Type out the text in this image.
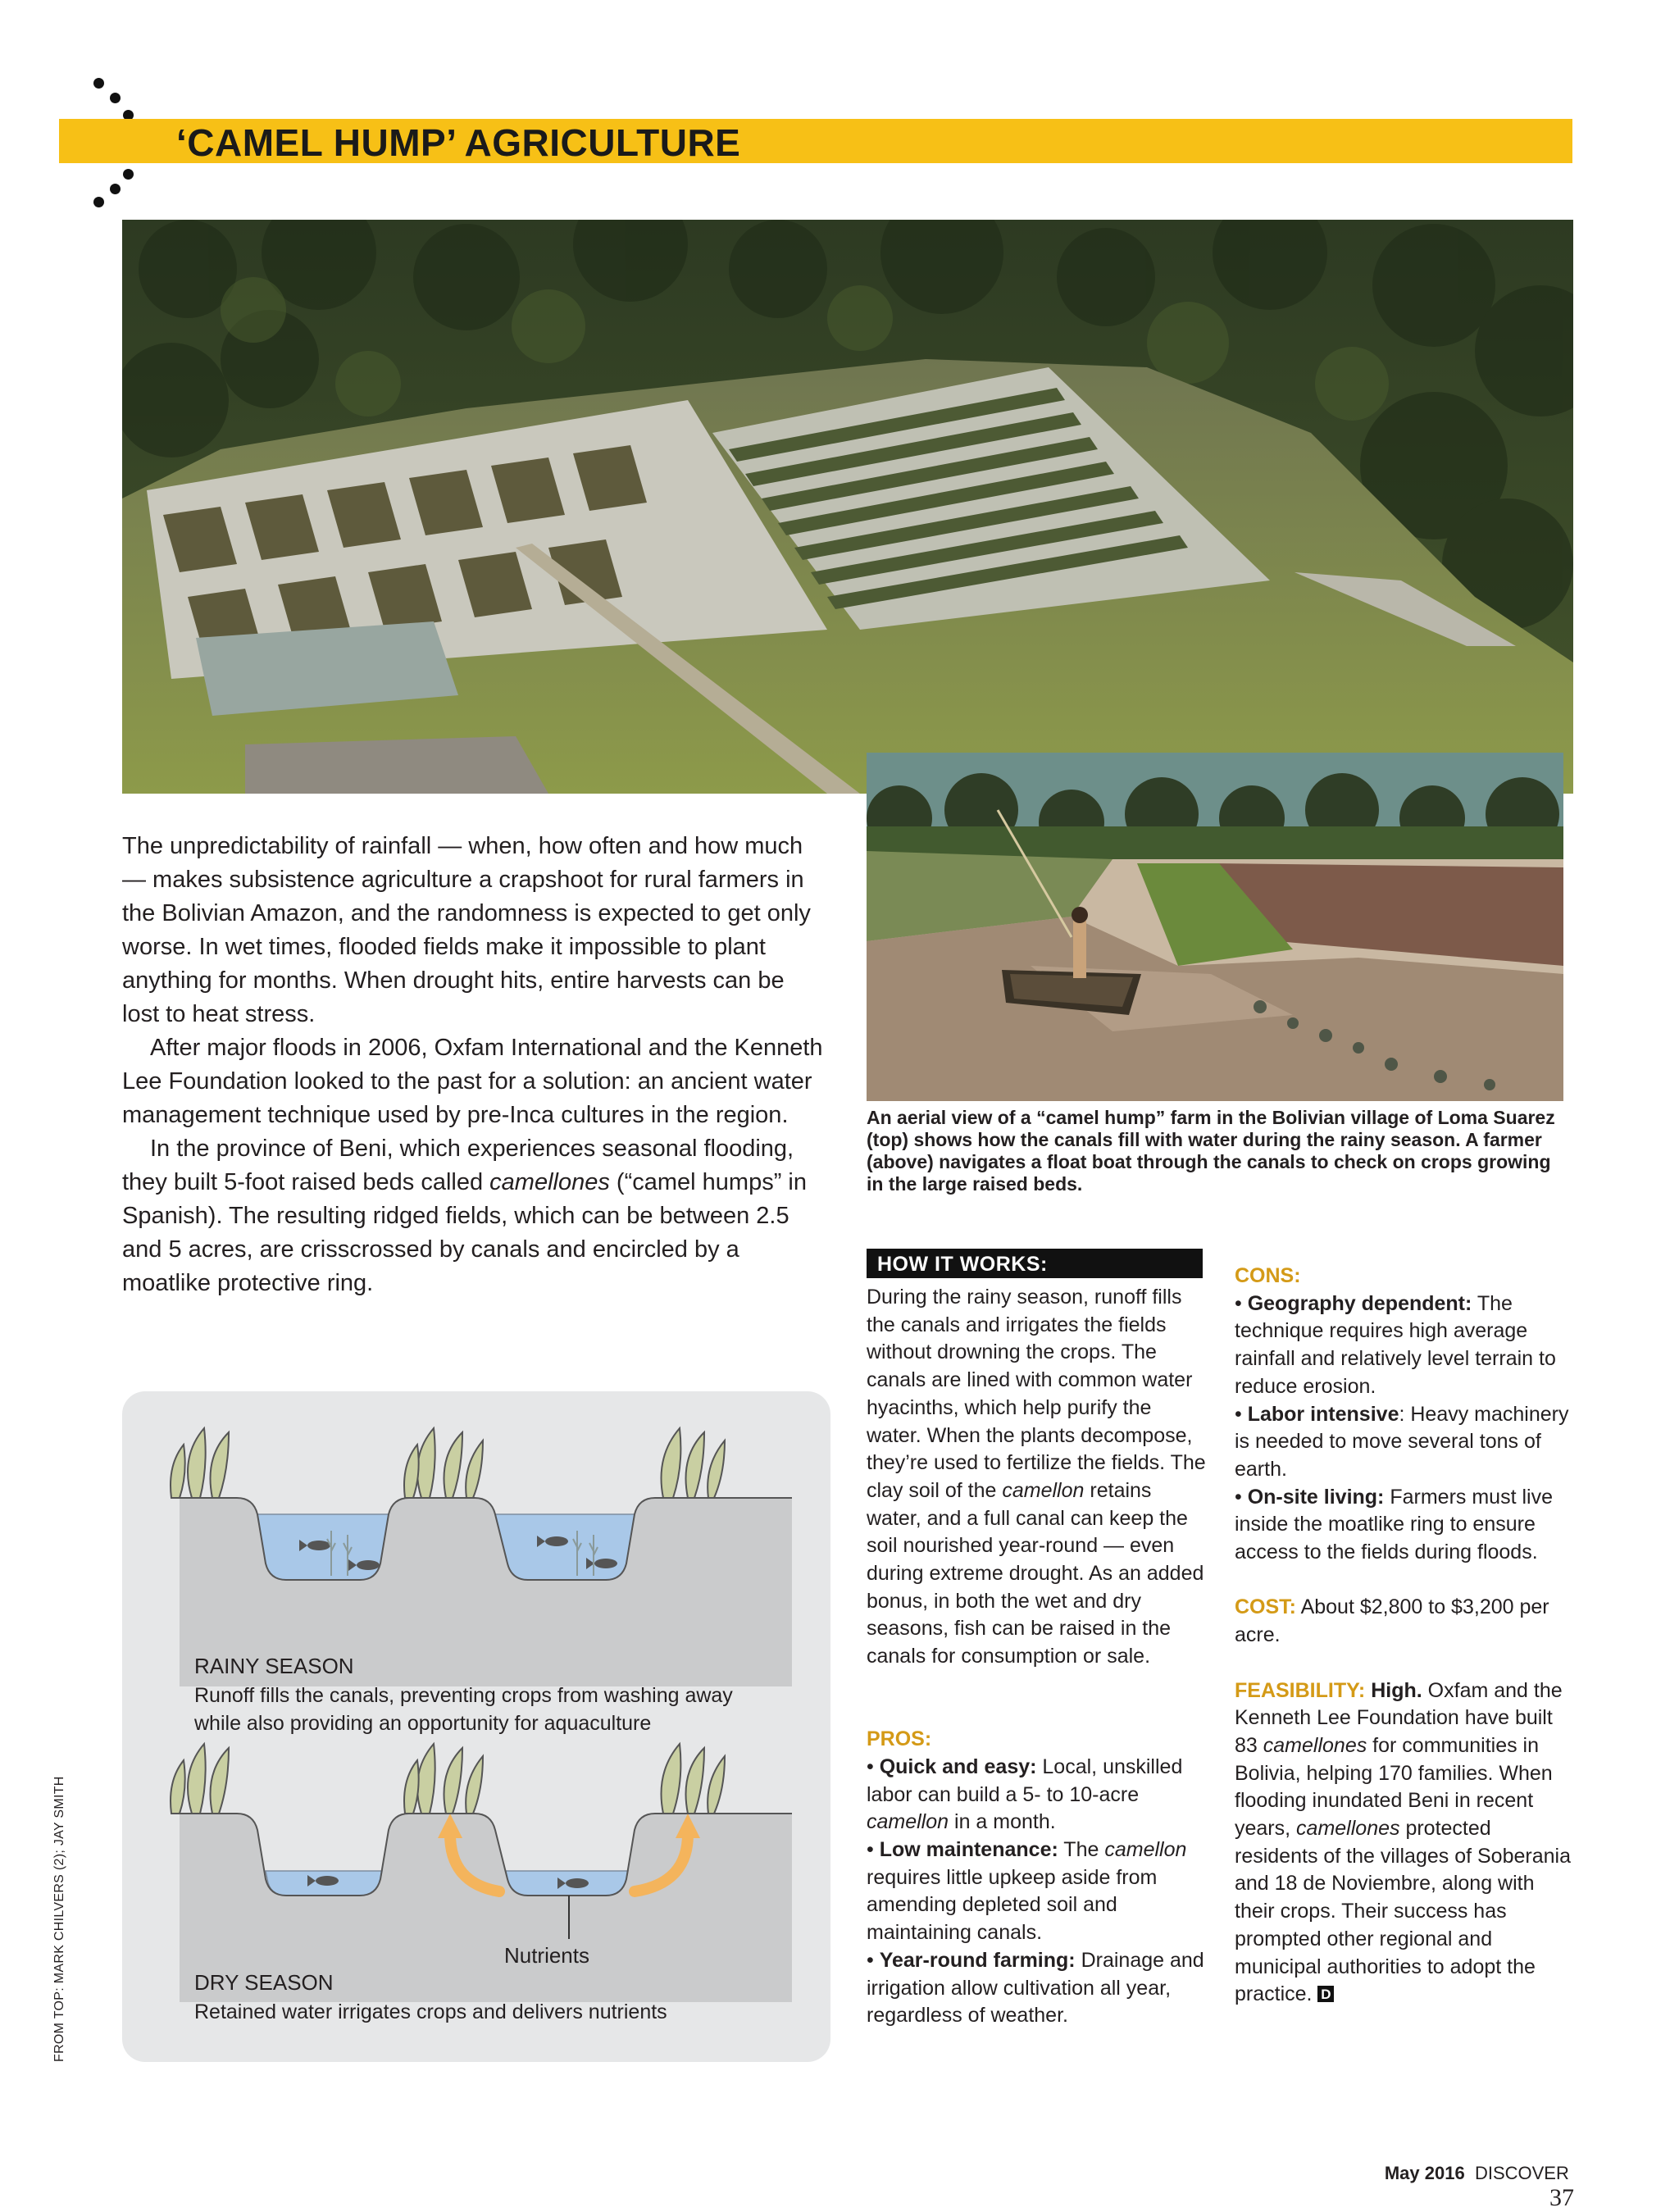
‘CAMEL HUMP’ AGRICULTURE
An aerial view of a “camel hump” farm in the Bolivian village of Loma Suarez (top) shows how the canals fill with water during the rainy season. A farmer (above) navigates a float boat through the canals to check on crops growing in the large raised beds.

The unpredictability of rainfall — when, how often and how much — makes subsistence agriculture a crapshoot for rural farmers in the Bolivian Amazon, and the randomness is expected to get only worse. In wet times, flooded fields make it impossible to plant anything for months. When drought hits, entire harvests can be lost to heat stress.

After major floods in 2006, Oxfam International and the Kenneth Lee Foundation looked to the past for a solution: an ancient water management technique used by pre-Inca cultures in the region.

In the province of Beni, which experiences seasonal flooding, they built 5-foot raised beds called camellones (“camel humps” in Spanish). The resulting ridged fields, which can be between 2.5 and 5 acres, are crisscrossed by canals and encircled by a moatlike protective ring.

RAINY SEASON
Runoff fills the canals, preventing crops from washing away
while also providing an opportunity for aquaculture
Nutrients
DRY SEASON
Retained water irrigates crops and delivers nutrients
FROM TOP: MARK CHILVERS (2); JAY SMITH
HOW IT WORKS:

During the rainy season, runoff fills the canals and irrigates the fields without drowning the crops. The canals are lined with common water hyacinths, which help purify the water. When the plants decompose, they’re used to fertilize the fields. The clay soil of the camellon retains water, and a full canal can keep the soil nourished year-round — even during extreme drought. As an added bonus, in both the wet and dry seasons, fish can be raised in the canals for consumption or sale.

PROS:

• Quick and easy: Local, unskilled labor can build a 5- to 10-acre camellon in a month.

• Low maintenance: The camellon requires little upkeep aside from amending depleted soil and maintaining canals.

• Year-round farming: Drainage and irrigation allow cultivation all year, regardless of weather.

CONS:

• Geography dependent: The technique requires high average rainfall and relatively level terrain to reduce erosion.

• Labor intensive: Heavy machinery is needed to move several tons of earth.

• On-site living: Farmers must live inside the moatlike ring to ensure access to the fields during floods.

COST: About $2,800 to $3,200 per acre.

FEASIBILITY: High. Oxfam and the Kenneth Lee Foundation have built 83 camellones for communities in Bolivia, helping 170 families. When flooding inundated Beni in recent years, camellones protected residents of the villages of Soberania and 18 de Noviembre, along with their crops. Their success has prompted other regional and municipal authorities to adopt the practice. D

May 2016 DISCOVER  37
